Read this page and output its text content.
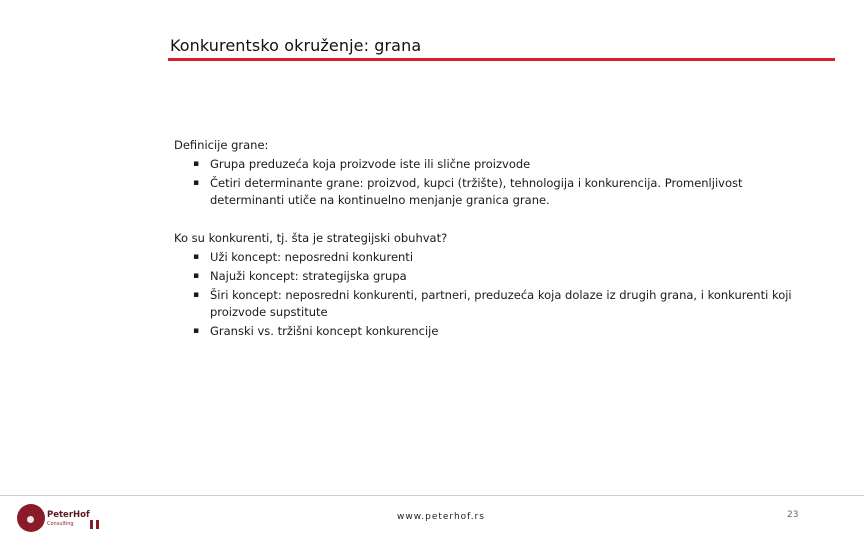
Konkurentsko okruženje: grana

Definicije grane:

▪ Grupa preduzeća koja proizvode iste ili slične proizvode
▪ Četiri determinante grane: proizvod, kupci (tržište), tehnologija i konkurencija. Promenljivost determinanti utiče na kontinuelno menjanje granica grane.

Ko su konkurenti, tj. šta je strategijski obuhvat?

▪ Uži koncept: neposredni konkurenti
▪ Najuži koncept: strategijska grupa
▪ Širi koncept: neposredni konkurenti, partneri, preduzeća koja dolaze iz drugih grana, i konkurenti koji proizvode supstitute
▪ Granski vs. tržišni koncept konkurencije
PeterHof
Consulting
www.peterhof.rs	23
